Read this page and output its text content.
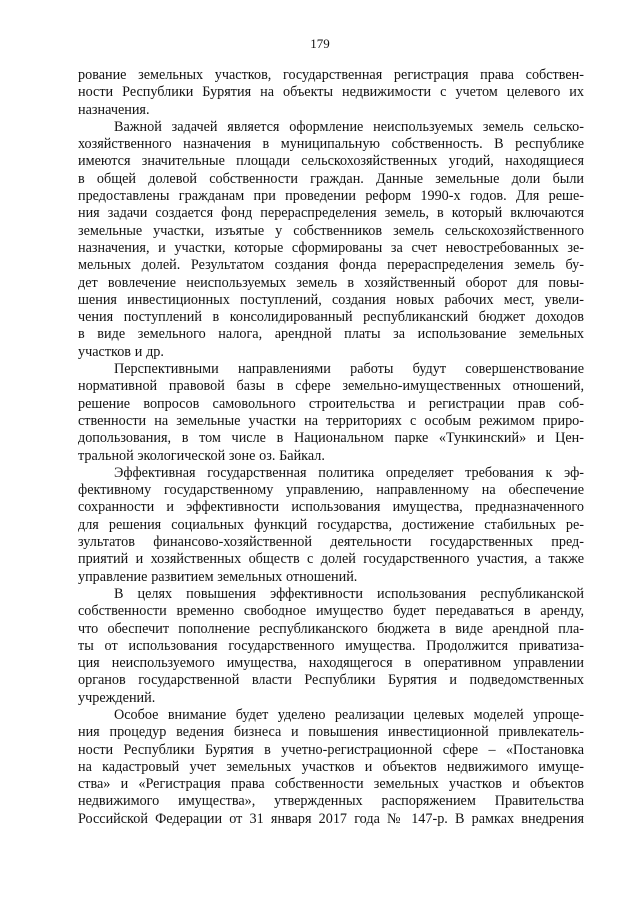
179
рование земельных участков, государственная регистрация права собствен-
ности Республики Бурятия на объекты недвижимости с учетом целевого их
назначения.
Важной задачей является оформление неиспользуемых земель сельско-
хозяйственного назначения в муниципальную собственность. В республике
имеются значительные площади сельскохозяйственных угодий, находящиеся
в общей долевой собственности граждан. Данные земельные доли были
предоставлены гражданам при проведении реформ 1990-х годов. Для реше-
ния задачи создается фонд перераспределения земель, в который включаются
земельные участки, изъятые у собственников земель сельскохозяйственного
назначения, и участки, которые сформированы за счет невостребованных зе-
мельных долей. Результатом создания фонда перераспределения земель бу-
дет вовлечение неиспользуемых земель в хозяйственный оборот для повы-
шения инвестиционных поступлений, создания новых рабочих мест, увели-
чения поступлений в консолидированный республиканский бюджет доходов
в виде земельного налога, арендной платы за использование земельных
участков и др.
Перспективными направлениями работы будут совершенствование
нормативной правовой базы в сфере земельно-имущественных отношений,
решение вопросов самовольного строительства и регистрации прав соб-
ственности на земельные участки на территориях с особым режимом приро-
допользования, в том числе в Национальном парке «Тункинский» и Цен-
тральной экологической зоне оз. Байкал.
Эффективная государственная политика определяет требования к эф-
фективному государственному управлению, направленному на обеспечение
сохранности и эффективности использования имущества, предназначенного
для решения социальных функций государства, достижение стабильных ре-
зультатов финансово-хозяйственной деятельности государственных пред-
приятий и хозяйственных обществ с долей государственного участия, а также
управление развитием земельных отношений.
В целях повышения эффективности использования республиканской
собственности временно свободное имущество будет передаваться в аренду,
что обеспечит пополнение республиканского бюджета в виде арендной пла-
ты от использования государственного имущества. Продолжится приватиза-
ция неиспользуемого имущества, находящегося в оперативном управлении
органов государственной власти Республики Бурятия и подведомственных
учреждений.
Особое внимание будет уделено реализации целевых моделей упроще-
ния процедур ведения бизнеса и повышения инвестиционной привлекатель-
ности Республики Бурятия в учетно-регистрационной сфере – «Постановка
на кадастровый учет земельных участков и объектов недвижимого имуще-
ства» и «Регистрация права собственности земельных участков и объектов
недвижимого имущества», утвержденных распоряжением Правительства
Российской Федерации от 31 января 2017 года № 147-р. В рамках внедрения
